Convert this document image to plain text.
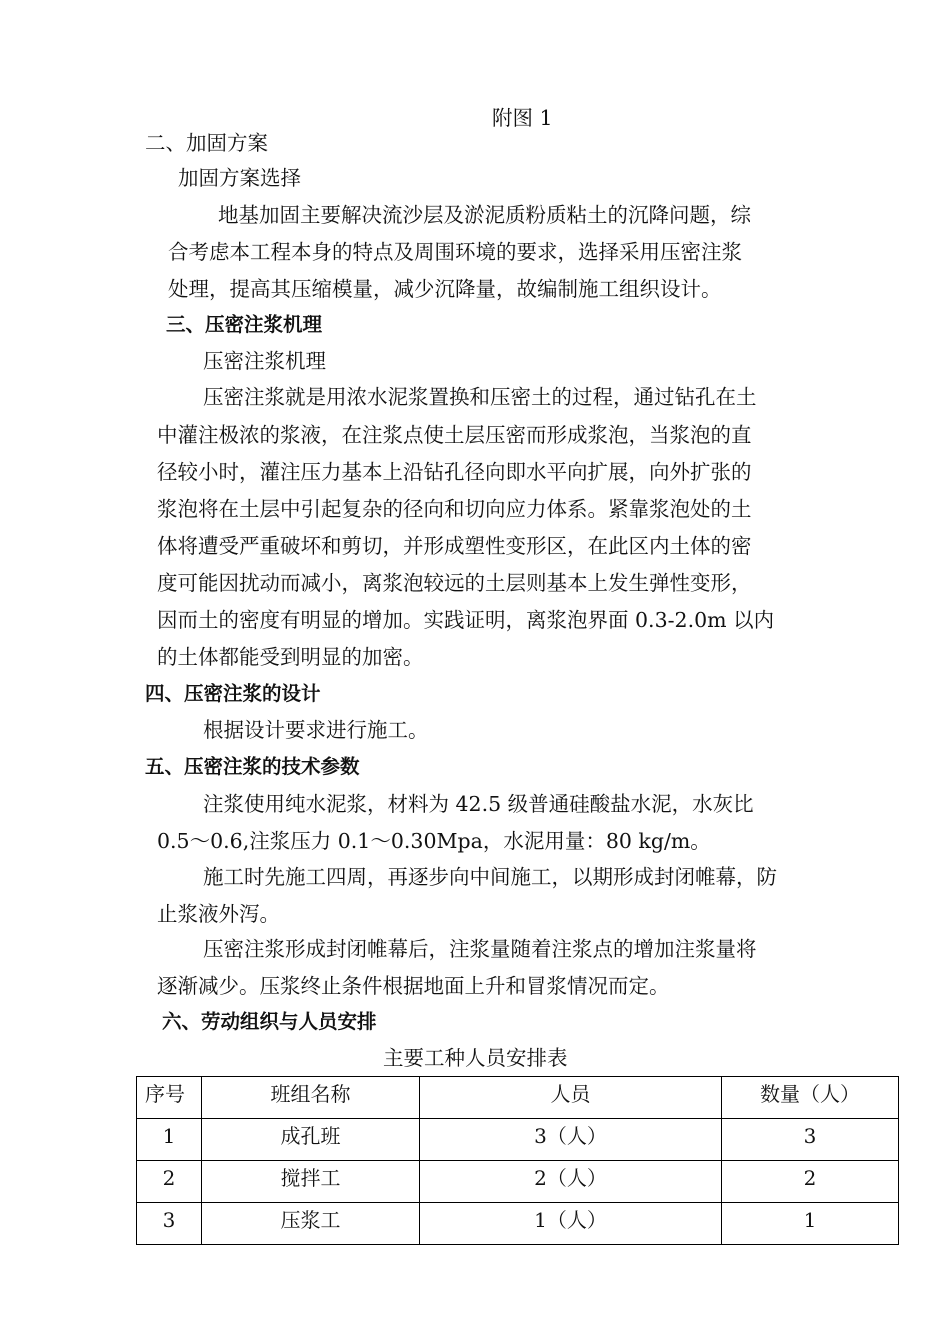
附图 1
二、加固方案
加固方案选择
地基加固主要解决流沙层及淤泥质粉质粘土的沉降问题，综
合考虑本工程本身的特点及周围环境的要求，选择采用压密注浆
处理，提高其压缩模量，减少沉降量，故编制施工组织设计。
三、压密注浆机理
压密注浆机理
压密注浆就是用浓水泥浆置换和压密土的过程，通过钻孔在土
中灌注极浓的浆液，在注浆点使土层压密而形成浆泡，当浆泡的直
径较小时，灌注压力基本上沿钻孔径向即水平向扩展，向外扩张的
浆泡将在土层中引起复杂的径向和切向应力体系。紧靠浆泡处的土
体将遭受严重破坏和剪切，并形成塑性变形区，在此区内土体的密
度可能因扰动而减小，离浆泡较远的土层则基本上发生弹性变形，
因而土的密度有明显的增加。实践证明，离浆泡界面 0.3-2.0m 以内
的土体都能受到明显的加密。
四、压密注浆的设计
根据设计要求进行施工。
五、压密注浆的技术参数
注浆使用纯水泥浆，材料为 42.5 级普通硅酸盐水泥，水灰比
0.5～0.6,注浆压力 0.1～0.30Mpa，水泥用量：80 kg/m。
施工时先施工四周，再逐步向中间施工，以期形成封闭帷幕，防
止浆液外泻。
压密注浆形成封闭帷幕后，注浆量随着注浆点的增加注浆量将
逐渐减少。压浆终止条件根据地面上升和冒浆情况而定。
六、劳动组织与人员安排
主要工种人员安排表
序号	班组名称	人员	数量（人）
1	成孔班	3（人）	3
2	搅拌工	2（人）	2
3	压浆工	1（人）	1
